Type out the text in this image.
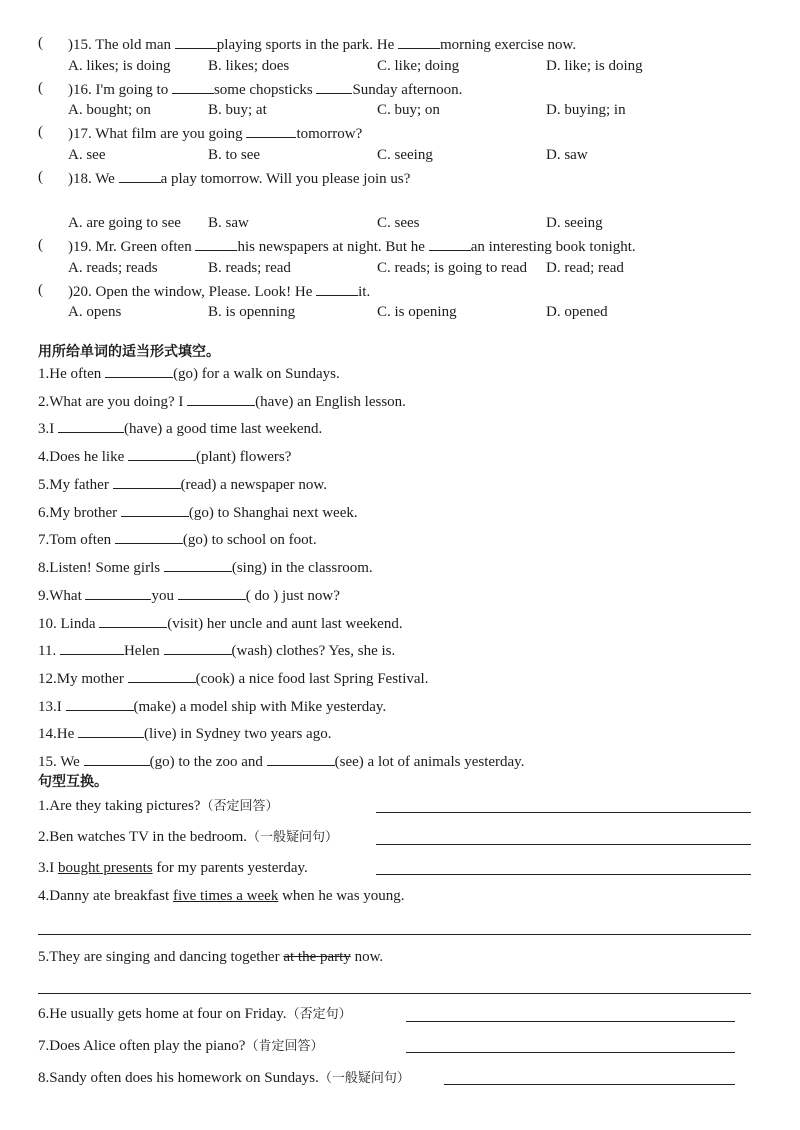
( )15. The old man	playing sports in the park. He	morning exercise now.
A. likes; is doing B. likes; does	C. like; doing	D. like; is doing
( )16. I'm going to	some chopsticks Sunday afternoon.
A. bought; on	B. buy; at	C. buy; on	D. buying; in
( )17. What film are you going	tomorrow?
A. see	B. to see	C. seeing	D. saw
( )18. We	a play tomorrow. Will you please join us?
A. are going to see B. saw	C. sees	D. seeing
( )19. Mr. Green often	his newspapers at night. But he	an interesting book tonight.
A. reads; reads	B. reads; read	C. reads; is going to read D. read; read
( )20. Open the window, Please. Look! He	it.
A. opens	B. is openning	C. is opening	D. opened
用所给单词的适当形式填空。
1.He often	(go) for a walk on Sundays.
2.What are you doing? I	(have) an English lesson.
3.I	(have) a good time last weekend.
4.Does he like	(plant) flowers?
5.My father	(read) a newspaper now.
6.My brother	(go) to Shanghai next week.
7.Tom often	(go) to school on foot.
8.Listen! Some girls	(sing) in the classroom.
9.What	you	( do ) just now?
10. Linda	(visit) her uncle and aunt last weekend.
11.	Helen	(wash) clothes? Yes, she is.
12.My mother	(cook) a nice food last Spring Festival.
13.I	(make) a model ship with Mike yesterday.
14.He	(live) in Sydney two years ago.
15. We	(go) to the zoo and	(see) a lot of animals yesterday.
句型互换。
1.Are they taking pictures?（否定回答）
2.Ben watches TV in the bedroom.（一般疑问句）
3.I bought presents for my parents yesterday.
4.Danny ate breakfast five times a week when he was young.
5.They are singing and dancing together at the party now.
6.He usually gets home at four on Friday.（否定句）
7.Does Alice often play the piano?（肯定回答）
8.Sandy often does his homework on Sundays.（一般疑问句）
